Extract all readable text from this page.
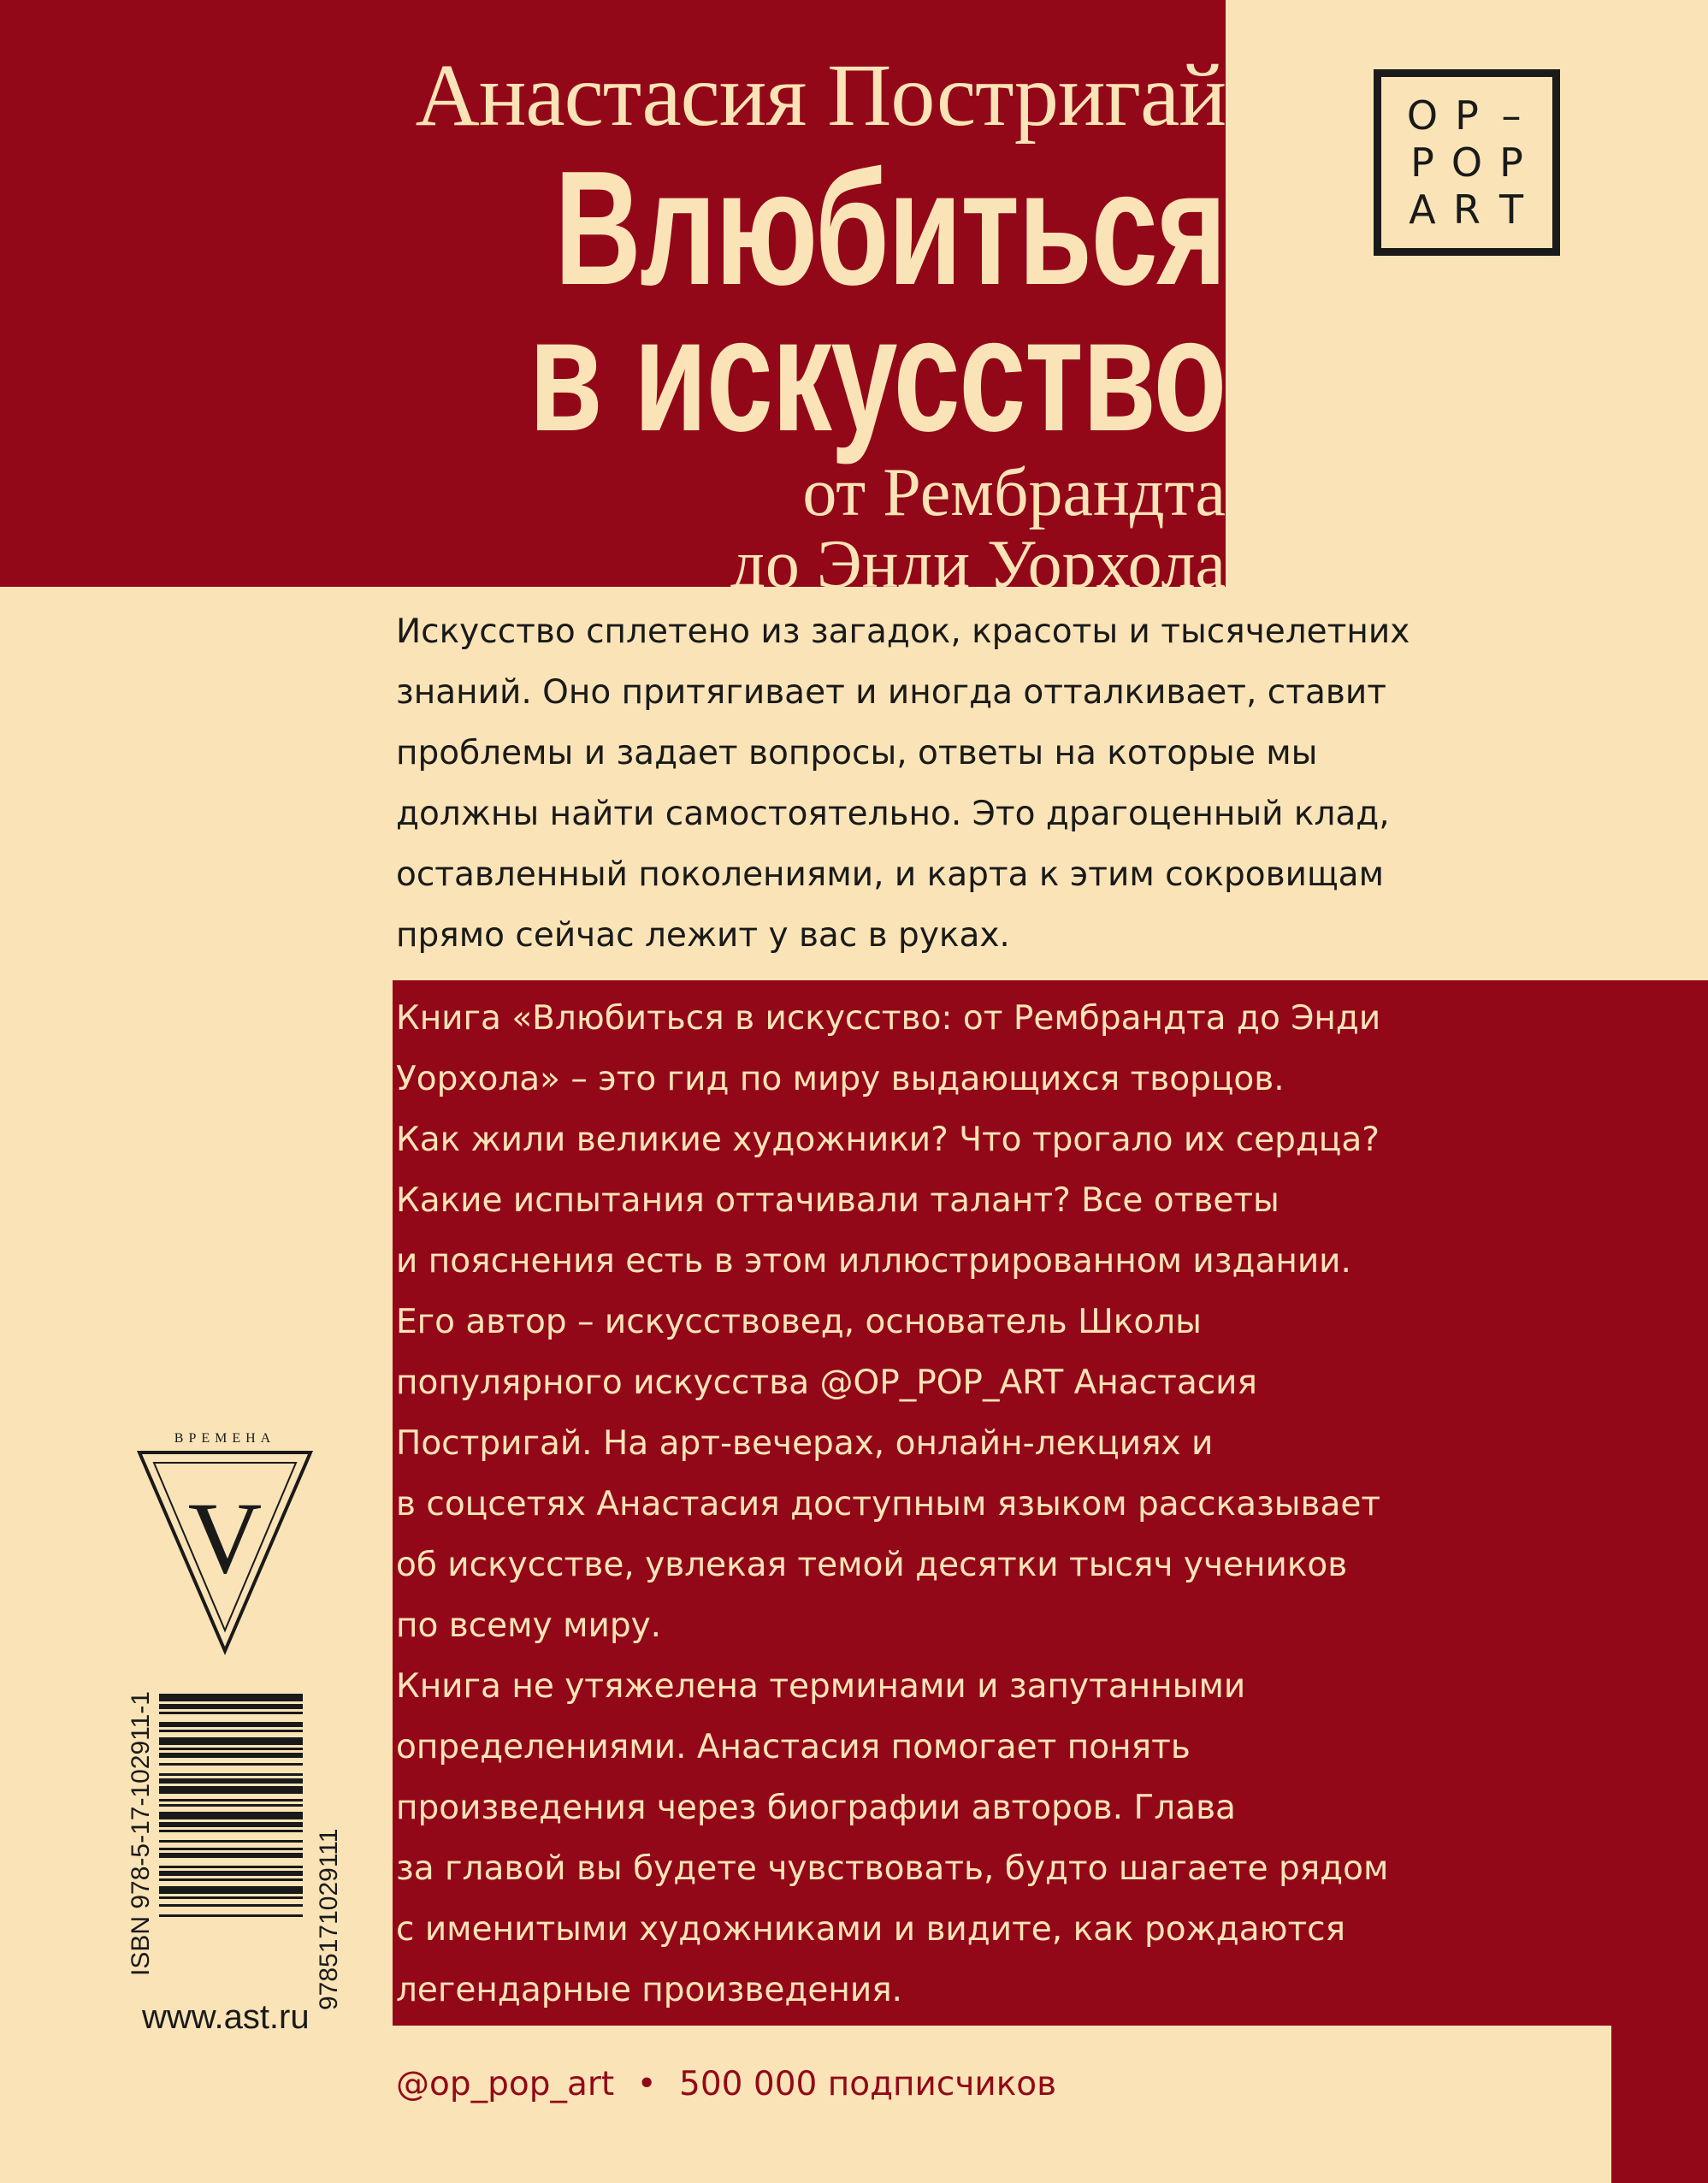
Анастасия Постригай
Влюбиться
в искусство
от Рембрандта
до Энди Уорхола
O P –
P O P
A R T
Искусство сплетено из загадок, красоты и тысячелетних
знаний. Оно притягивает и иногда отталкивает, ставит
проблемы и задает вопросы, ответы на которые мы
должны найти самостоятельно. Это драгоценный клад,
оставленный поколениями, и карта к этим сокровищам
прямо сейчас лежит у вас в руках.
Книга «Влюбиться в искусство: от Рембрандта до Энди
Уорхола» – это гид по миру выдающихся творцов.
Как жили великие художники? Что трогало их сердца?
Какие испытания оттачивали талант? Все ответы
и пояснения есть в этом иллюстрированном издании.
Его автор – искусствовед, основатель Школы
популярного искусства @OP_POP_ART Анастасия
Постригай. На арт-вечерах, онлайн-лекциях и
в соцсетях Анастасия доступным языком рассказывает
об искусстве, увлекая темой десятки тысяч учеников
по всему миру.
Книга не утяжелена терминами и запутанными
определениями. Анастасия помогает понять
произведения через биографии авторов. Глава
за главой вы будете чувствовать, будто шагаете рядом
с именитыми художниками и видите, как рождаются
легендарные произведения.
@op_pop_art • 500 000 подписчиков
ВРЕМЕНА
V
ISBN 978-5-17-102911-1	9785171029111
www.ast.ru
